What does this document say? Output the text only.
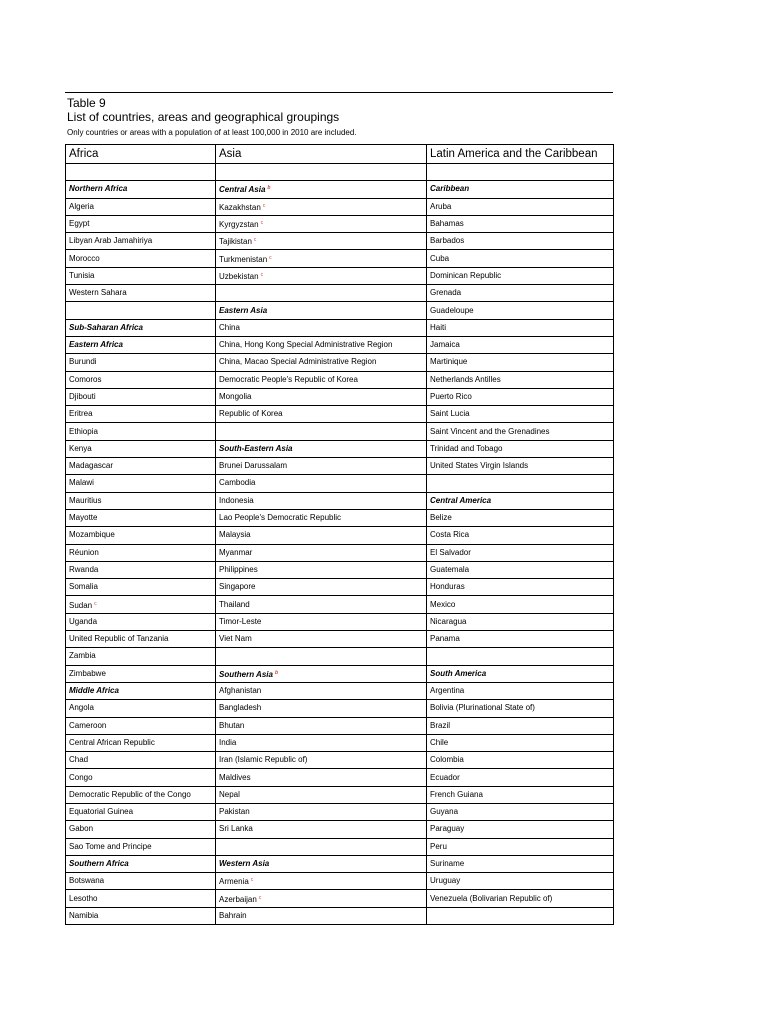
Table 9
List of countries, areas and geographical groupings
Only countries or areas with a population of at least 100,000 in 2010 are included.
Africa	Asia	Latin America and the Caribbean

Northern Africa	Central Asia $^b$	Caribbean
Algeria	Kazakhstan $^c$	Aruba
Egypt	Kyrgyzstan $^c$	Bahamas
Libyan Arab Jamahiriya	Tajikistan $^c$	Barbados
Morocco	Turkmenistan $^c$	Cuba
Tunisia	Uzbekistan $^c$	Dominican Republic
Western Sahara		Grenada
	Eastern Asia	Guadeloupe
Sub-Saharan Africa	China	Haiti
Eastern Africa	China, Hong Kong Special Administrative Region	Jamaica
Burundi	China, Macao Special Administrative Region	Martinique
Comoros	Democratic People's Republic of Korea	Netherlands Antilles
Djibouti	Mongolia	Puerto Rico
Eritrea	Republic of Korea	Saint Lucia
Ethiopia		Saint Vincent and the Grenadines
Kenya	South-Eastern Asia	Trinidad and Tobago
Madagascar	Brunei Darussalam	United States Virgin Islands
Malawi	Cambodia	
Mauritius	Indonesia	Central America
Mayotte	Lao People's Democratic Republic	Belize
Mozambique	Malaysia	Costa Rica
Réunion	Myanmar	El Salvador
Rwanda	Philippines	Guatemala
Somalia	Singapore	Honduras
Sudan $^c$	Thailand	Mexico
Uganda	Timor-Leste	Nicaragua
United Republic of Tanzania	Viet Nam	Panama
Zambia		
Zimbabwe	Southern Asia $^b$	South America
Middle Africa	Afghanistan	Argentina
Angola	Bangladesh	Bolivia (Plurinational State of)
Cameroon	Bhutan	Brazil
Central African Republic	India	Chile
Chad	Iran (Islamic Republic of)	Colombia
Congo	Maldives	Ecuador
Democratic Republic of the Congo	Nepal	French Guiana
Equatorial Guinea	Pakistan	Guyana
Gabon	Sri Lanka	Paraguay
Sao Tome and Principe		Peru
Southern Africa	Western Asia	Suriname
Botswana	Armenia $^c$	Uruguay
Lesotho	Azerbaijan $^c$	Venezuela (Bolivarian Republic of)
Namibia	Bahrain	
